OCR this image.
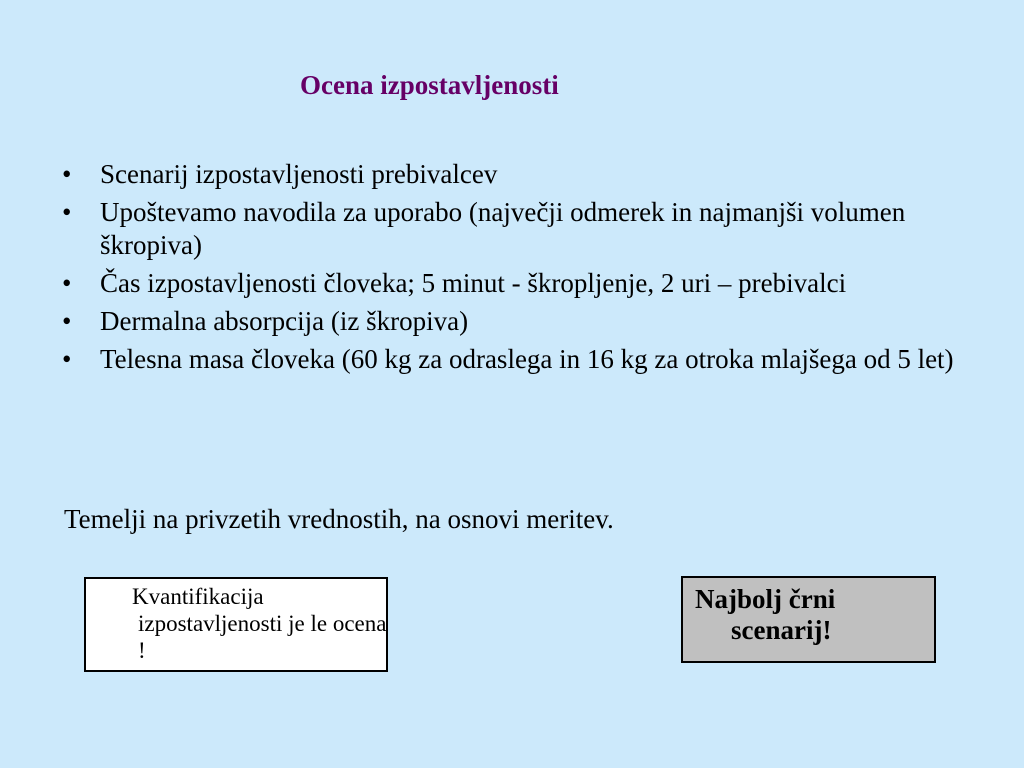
Ocena izpostavljenosti
• Scenarij izpostavljenosti prebivalcev
• Upoštevamo navodila za uporabo (največji odmerek in najmanjši volumen škropiva)
• Čas izpostavljenosti človeka; 5 minut - škropljenje, 2 uri – prebivalci
• Dermalna absorpcija (iz škropiva)
• Telesna masa človeka (60 kg za odraslega in 16 kg za otroka mlajšega od 5 let)
Temelji na privzetih vrednostih, na osnovi meritev.
Kvantifikacija izpostavljenosti je le ocena !
Najbolj črni scenarij!
